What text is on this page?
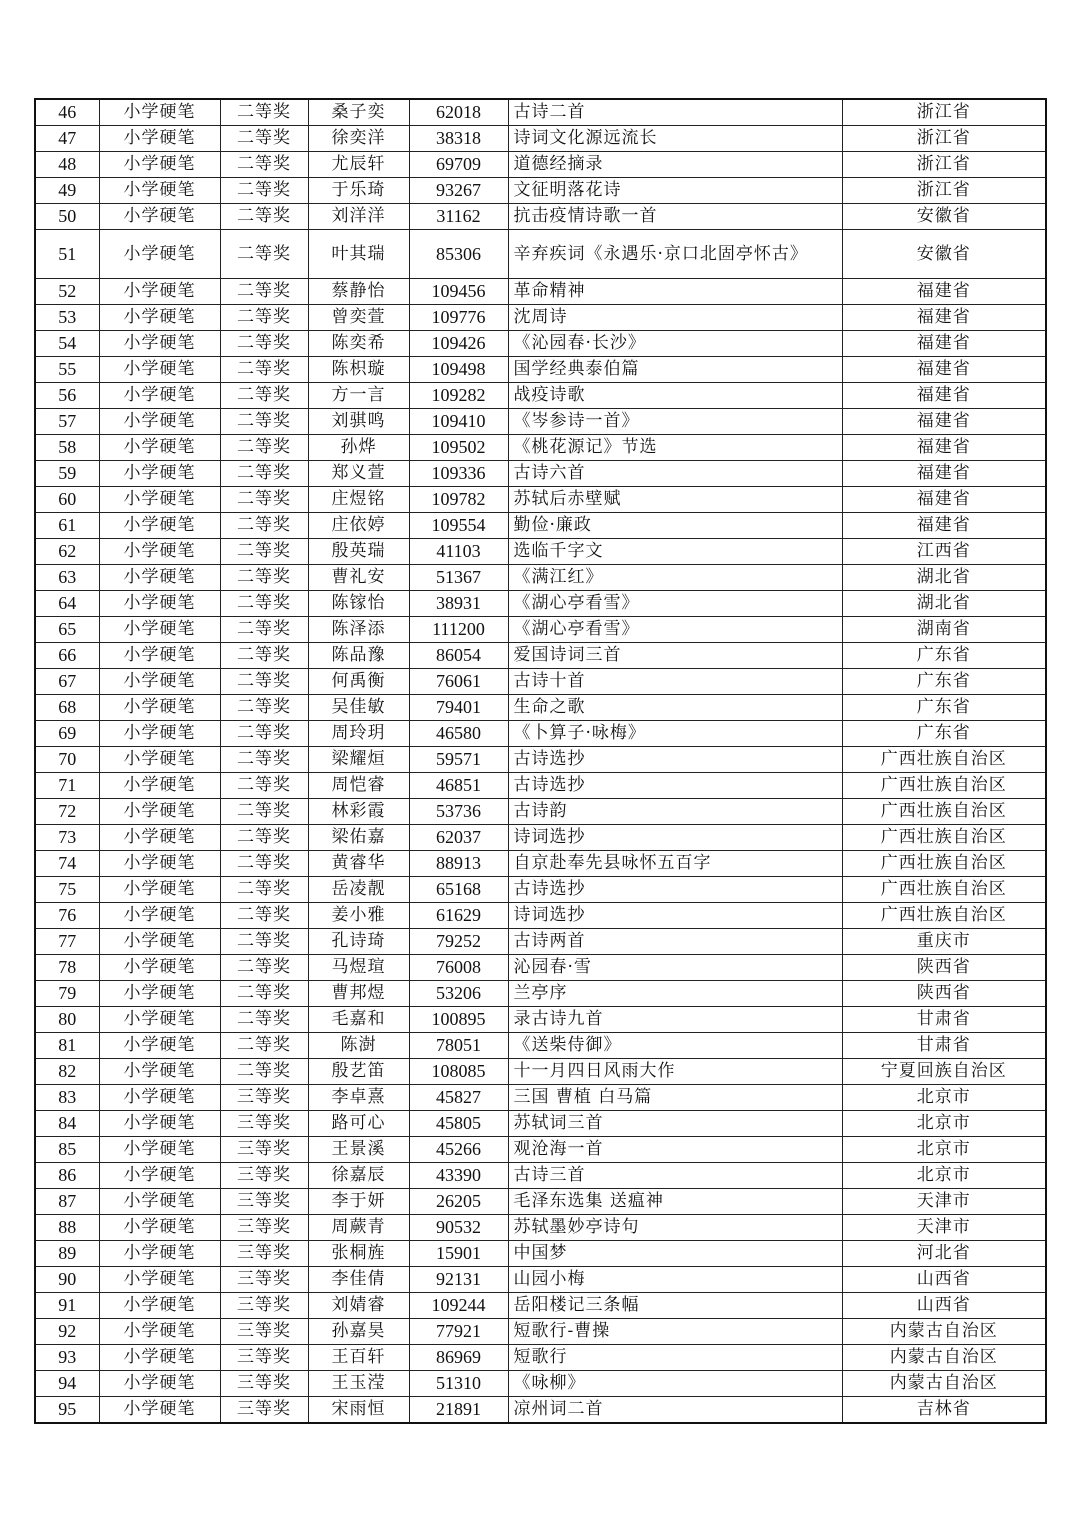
46	小学硬笔	二等奖	桑子奕	62018	古诗二首	浙江省
47	小学硬笔	二等奖	徐奕洋	38318	诗词文化源远流长	浙江省
48	小学硬笔	二等奖	尤辰轩	69709	道德经摘录	浙江省
49	小学硬笔	二等奖	于乐琦	93267	文征明落花诗	浙江省
50	小学硬笔	二等奖	刘洋洋	31162	抗击疫情诗歌一首	安徽省
51	小学硬笔	二等奖	叶其瑞	85306	辛弃疾词《永遇乐·京口北固亭怀古》	安徽省
52	小学硬笔	二等奖	蔡静怡	109456	革命精神	福建省
53	小学硬笔	二等奖	曾奕萱	109776	沈周诗	福建省
54	小学硬笔	二等奖	陈奕希	109426	《沁园春·长沙》	福建省
55	小学硬笔	二等奖	陈枳璇	109498	国学经典泰伯篇	福建省
56	小学硬笔	二等奖	方一言	109282	战疫诗歌	福建省
57	小学硬笔	二等奖	刘骐鸣	109410	《岑参诗一首》	福建省
58	小学硬笔	二等奖	孙烨	109502	《桃花源记》节选	福建省
59	小学硬笔	二等奖	郑义萱	109336	古诗六首	福建省
60	小学硬笔	二等奖	庄煜铭	109782	苏轼后赤壁赋	福建省
61	小学硬笔	二等奖	庄依婷	109554	勤俭·廉政	福建省
62	小学硬笔	二等奖	殷英瑞	41103	选临千字文	江西省
63	小学硬笔	二等奖	曹礼安	51367	《满江红》	湖北省
64	小学硬笔	二等奖	陈镓怡	38931	《湖心亭看雪》	湖北省
65	小学硬笔	二等奖	陈泽添	111200	《湖心亭看雪》	湖南省
66	小学硬笔	二等奖	陈品豫	86054	爱国诗词三首	广东省
67	小学硬笔	二等奖	何禹衡	76061	古诗十首	广东省
68	小学硬笔	二等奖	吴佳敏	79401	生命之歌	广东省
69	小学硬笔	二等奖	周玲玥	46580	《卜算子·咏梅》	广东省
70	小学硬笔	二等奖	梁耀烜	59571	古诗选抄	广西壮族自治区
71	小学硬笔	二等奖	周恺睿	46851	古诗选抄	广西壮族自治区
72	小学硬笔	二等奖	林彩霞	53736	古诗韵	广西壮族自治区
73	小学硬笔	二等奖	梁佑嘉	62037	诗词选抄	广西壮族自治区
74	小学硬笔	二等奖	黄睿华	88913	自京赴奉先县咏怀五百字	广西壮族自治区
75	小学硬笔	二等奖	岳凌靓	65168	古诗选抄	广西壮族自治区
76	小学硬笔	二等奖	姜小雅	61629	诗词选抄	广西壮族自治区
77	小学硬笔	二等奖	孔诗琦	79252	古诗两首	重庆市
78	小学硬笔	二等奖	马煜瑄	76008	沁园春·雪	陕西省
79	小学硬笔	二等奖	曹邦煜	53206	兰亭序	陕西省
80	小学硬笔	二等奖	毛嘉和	100895	录古诗九首	甘肃省
81	小学硬笔	二等奖	陈澍	78051	《送柴侍御》	甘肃省
82	小学硬笔	二等奖	殷艺笛	108085	十一月四日风雨大作	宁夏回族自治区
83	小学硬笔	三等奖	李卓熹	45827	三国 曹植 白马篇	北京市
84	小学硬笔	三等奖	路可心	45805	苏轼词三首	北京市
85	小学硬笔	三等奖	王景溪	45266	观沧海一首	北京市
86	小学硬笔	三等奖	徐嘉辰	43390	古诗三首	北京市
87	小学硬笔	三等奖	李于妍	26205	毛泽东选集 送瘟神	天津市
88	小学硬笔	三等奖	周蕨青	90532	苏轼墨妙亭诗句	天津市
89	小学硬笔	三等奖	张桐旌	15901	中国梦	河北省
90	小学硬笔	三等奖	李佳倩	92131	山园小梅	山西省
91	小学硬笔	三等奖	刘婧睿	109244	岳阳楼记三条幅	山西省
92	小学硬笔	三等奖	孙嘉昊	77921	短歌行-曹操	内蒙古自治区
93	小学硬笔	三等奖	王百轩	86969	短歌行	内蒙古自治区
94	小学硬笔	三等奖	王玉滢	51310	《咏柳》	内蒙古自治区
95	小学硬笔	三等奖	宋雨恒	21891	凉州词二首	吉林省
